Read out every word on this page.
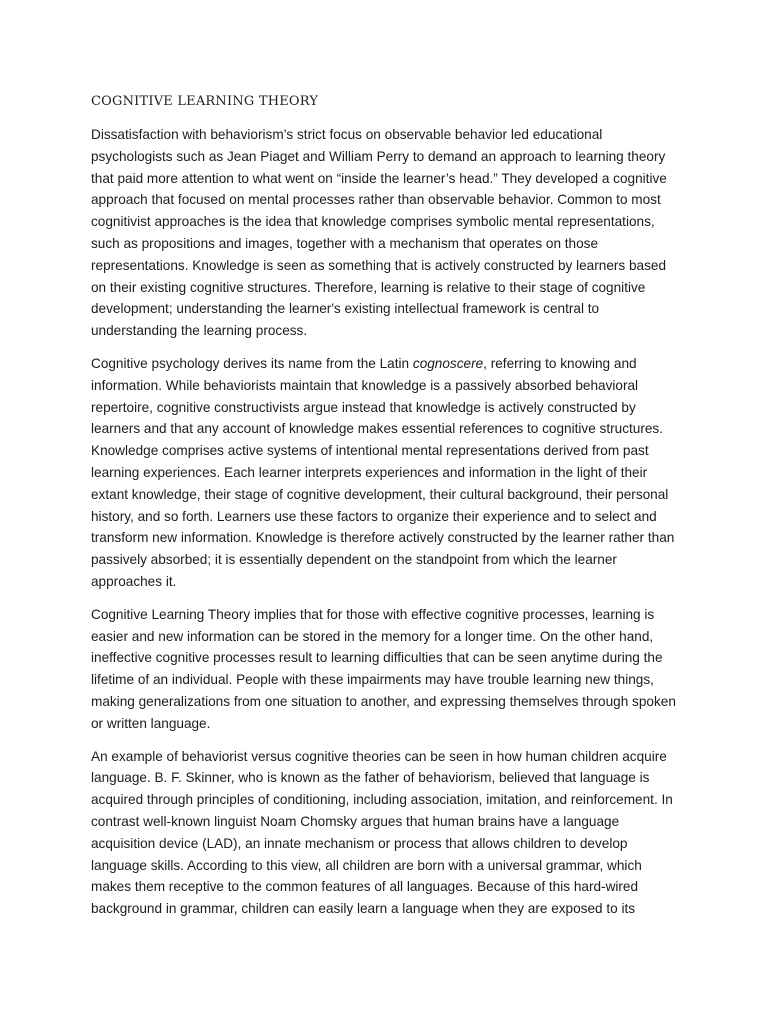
COGNITIVE LEARNING THEORY

Dissatisfaction with behaviorism’s strict focus on observable behavior led educational psychologists such as Jean Piaget and William Perry to demand an approach to learning theory that paid more attention to what went on “inside the learner’s head.” They developed a cognitive approach that focused on mental processes rather than observable behavior. Common to most cognitivist approaches is the idea that knowledge comprises symbolic mental representations, such as propositions and images, together with a mechanism that operates on those representations. Knowledge is seen as something that is actively constructed by learners based on their existing cognitive structures. Therefore, learning is relative to their stage of cognitive development; understanding the learner's existing intellectual framework is central to understanding the learning process.

Cognitive psychology derives its name from the Latin cognoscere, referring to knowing and information. While behaviorists maintain that knowledge is a passively absorbed behavioral repertoire, cognitive constructivists argue instead that knowledge is actively constructed by learners and that any account of knowledge makes essential references to cognitive structures. Knowledge comprises active systems of intentional mental representations derived from past learning experiences. Each learner interprets experiences and information in the light of their extant knowledge, their stage of cognitive development, their cultural background, their personal history, and so forth. Learners use these factors to organize their experience and to select and transform new information. Knowledge is therefore actively constructed by the learner rather than passively absorbed; it is essentially dependent on the standpoint from which the learner approaches it.

Cognitive Learning Theory implies that for those with effective cognitive processes, learning is easier and new information can be stored in the memory for a longer time. On the other hand, ineffective cognitive processes result to learning difficulties that can be seen anytime during the lifetime of an individual. People with these impairments may have trouble learning new things, making generalizations from one situation to another, and expressing themselves through spoken or written language.

An example of behaviorist versus cognitive theories can be seen in how human children acquire language. B. F. Skinner, who is known as the father of behaviorism, believed that language is acquired through principles of conditioning, including association, imitation, and reinforcement. In contrast well-known linguist Noam Chomsky argues that human brains have a language acquisition device (LAD), an innate mechanism or process that allows children to develop language skills. According to this view, all children are born with a universal grammar, which makes them receptive to the common features of all languages. Because of this hard-wired background in grammar, children can easily learn a language when they are exposed to its
